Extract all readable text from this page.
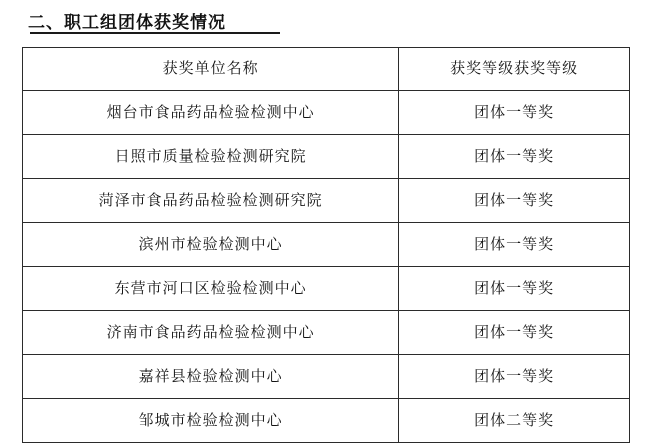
二、职工组团体获奖情况
获奖单位名称	获奖等级获奖等级

烟台市食品药品检验检测中心	团体一等奖

日照市质量检验检测研究院	团体一等奖

菏泽市食品药品检验检测研究院	团体一等奖

滨州市检验检测中心	团体一等奖

东营市河口区检验检测中心	团体一等奖

济南市食品药品检验检测中心	团体一等奖

嘉祥县检验检测中心	团体一等奖

邹城市检验检测中心	团体二等奖
